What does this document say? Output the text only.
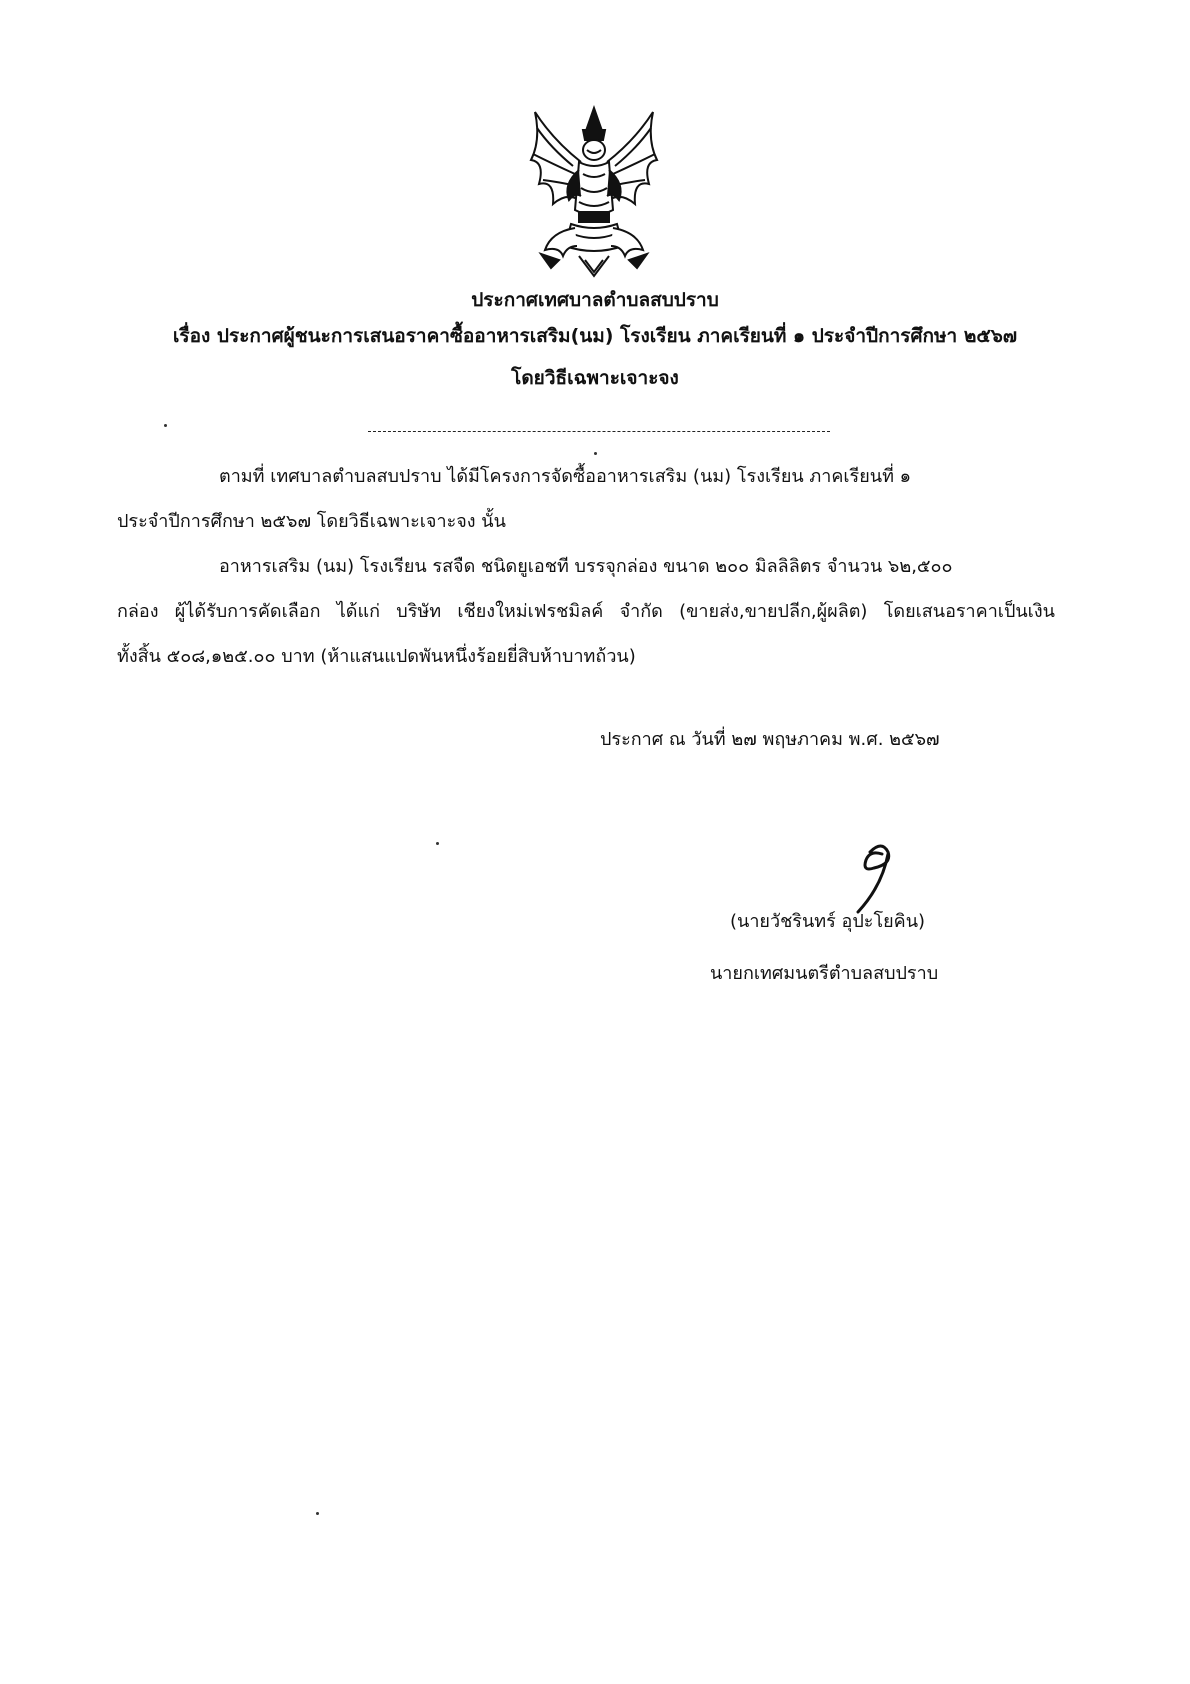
ประกาศเทศบาลตำบลสบปราบ
เรื่อง ประกาศผู้ชนะการเสนอราคาซื้ออาหารเสริม(นม) โรงเรียน ภาคเรียนที่ ๑ ประจำปีการศึกษา ๒๕๖๗
โดยวิธีเฉพาะเจาะจง
ตามที่ เทศบาลตำบลสบปราบ ได้มีโครงการจัดซื้ออาหารเสริม (นม) โรงเรียน ภาคเรียนที่ ๑
ประจำปีการศึกษา ๒๕๖๗ โดยวิธีเฉพาะเจาะจง นั้น
อาหารเสริม (นม) โรงเรียน รสจืด ชนิดยูเอชที บรรจุกล่อง ขนาด ๒๐๐ มิลลิลิตร จำนวน ๖๒,๕๐๐
กล่อง ผู้ได้รับการคัดเลือก ได้แก่ บริษัท เชียงใหม่เฟรชมิลค์ จำกัด (ขายส่ง,ขายปลีก,ผู้ผลิต) โดยเสนอราคาเป็นเงิน
ทั้งสิ้น ๕๐๘,๑๒๕.๐๐ บาท (ห้าแสนแปดพันหนึ่งร้อยยี่สิบห้าบาทถ้วน)
ประกาศ ณ วันที่ ๒๗ พฤษภาคม พ.ศ. ๒๕๖๗
(นายวัชรินทร์ อุปะโยคิน)
นายกเทศมนตรีตำบลสบปราบ
